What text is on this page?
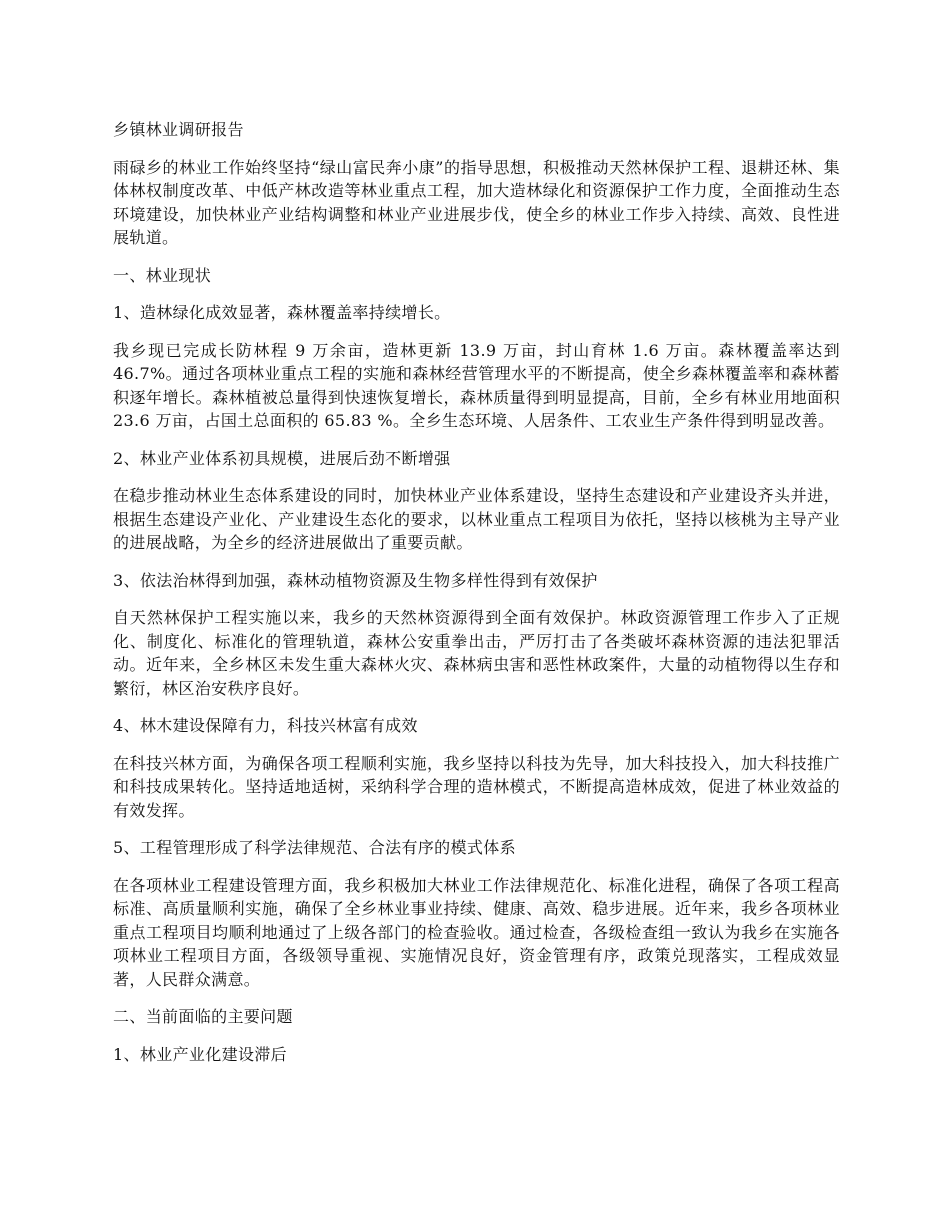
乡镇林业调研报告

雨碌乡的林业工作始终坚持“绿山富民奔小康”的指导思想，积极推动天然林保护工程、退耕还林、集体林权制度改革、中低产林改造等林业重点工程，加大造林绿化和资源保护工作力度，全面推动生态环境建设，加快林业产业结构调整和林业产业进展步伐，使全乡的林业工作步入持续、高效、良性进展轨道。

一、林业现状

1、造林绿化成效显著，森林覆盖率持续增长。

我乡现已完成长防林程 9 万余亩，造林更新 13.9 万亩，封山育林 1.6 万亩。森林覆盖率达到 46.7%。通过各项林业重点工程的实施和森林经营管理水平的不断提高，使全乡森林覆盖率和森林蓄积逐年增长。森林植被总量得到快速恢复增长，森林质量得到明显提高，目前，全乡有林业用地面积 23.6 万亩，占国土总面积的 65.83 %。全乡生态环境、人居条件、工农业生产条件得到明显改善。

2、林业产业体系初具规模，进展后劲不断增强

在稳步推动林业生态体系建设的同时，加快林业产业体系建设，坚持生态建设和产业建设齐头并进，根据生态建设产业化、产业建设生态化的要求，以林业重点工程项目为依托，坚持以核桃为主导产业的进展战略，为全乡的经济进展做出了重要贡献。

3、依法治林得到加强，森林动植物资源及生物多样性得到有效保护

自天然林保护工程实施以来，我乡的天然林资源得到全面有效保护。林政资源管理工作步入了正规化、制度化、标准化的管理轨道，森林公安重拳出击，严厉打击了各类破坏森林资源的违法犯罪活动。近年来，全乡林区未发生重大森林火灾、森林病虫害和恶性林政案件，大量的动植物得以生存和繁衍，林区治安秩序良好。

4、林木建设保障有力，科技兴林富有成效

在科技兴林方面，为确保各项工程顺利实施，我乡坚持以科技为先导，加大科技投入，加大科技推广和科技成果转化。坚持适地适树，采纳科学合理的造林模式，不断提高造林成效，促进了林业效益的有效发挥。

5、工程管理形成了科学法律规范、合法有序的模式体系

在各项林业工程建设管理方面，我乡积极加大林业工作法律规范化、标准化进程，确保了各项工程高标准、高质量顺利实施，确保了全乡林业事业持续、健康、高效、稳步进展。近年来，我乡各项林业重点工程项目均顺利地通过了上级各部门的检查验收。通过检查，各级检查组一致认为我乡在实施各项林业工程项目方面，各级领导重视、实施情况良好，资金管理有序，政策兑现落实，工程成效显著，人民群众满意。

二、当前面临的主要问题

1、林业产业化建设滞后
